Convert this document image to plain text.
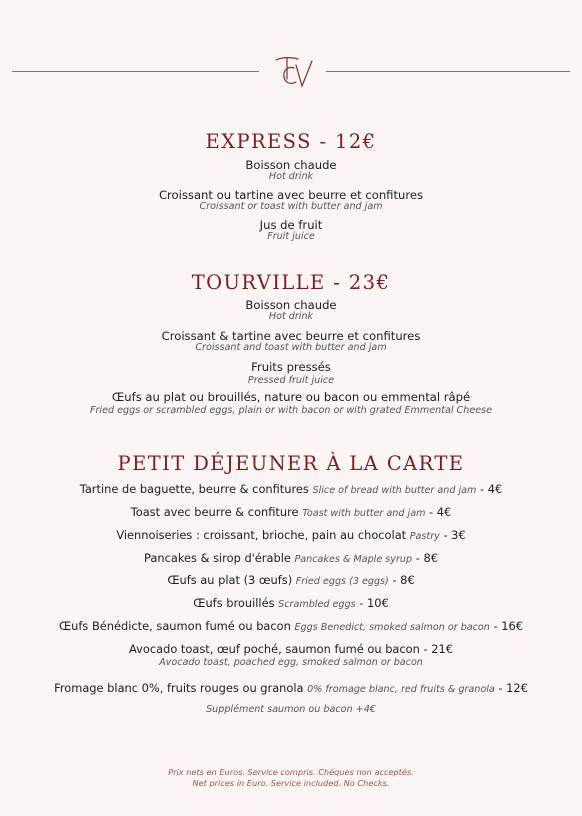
EXPRESS - 12€
Boisson chaude
Hot drink
Croissant ou tartine avec beurre et confitures
Croissant or toast with butter and jam
Jus de fruit
Fruit juice
TOURVILLE - 23€
Boisson chaude
Hot drink
Croissant & tartine avec beurre et confitures
Croissant and toast with butter and jam
Fruits pressés
Pressed fruit juice
Œufs au plat ou brouillés, nature ou bacon ou emmental râpé
Fried eggs or scrambled eggs, plain or with bacon or with grated Emmental Cheese
PETIT DÉJEUNER À LA CARTE
Tartine de baguette, beurre & confitures Slice of bread with butter and jam - 4€
Toast avec beurre & confiture Toast with butter and jam - 4€
Viennoiseries : croissant, brioche, pain au chocolat Pastry - 3€
Pancakes & sirop d'érable Pancakes & Maple syrup - 8€
Œufs au plat (3 œufs) Fried eggs (3 eggs) - 8€
Œufs brouillés Scrambled eggs - 10€
Œufs Bénédicte, saumon fumé ou bacon Eggs Benedict, smoked salmon or bacon - 16€
Avocado toast, œuf poché, saumon fumé ou bacon - 21€
Avocado toast, poached egg, smoked salmon or bacon
Fromage blanc 0%, fruits rouges ou granola 0% fromage blanc, red fruits & granola - 12€
Supplément saumon ou bacon +4€
Prix nets en Euros. Service compris. Chèques non acceptés.
Net prices in Euro. Service included. No Checks.
